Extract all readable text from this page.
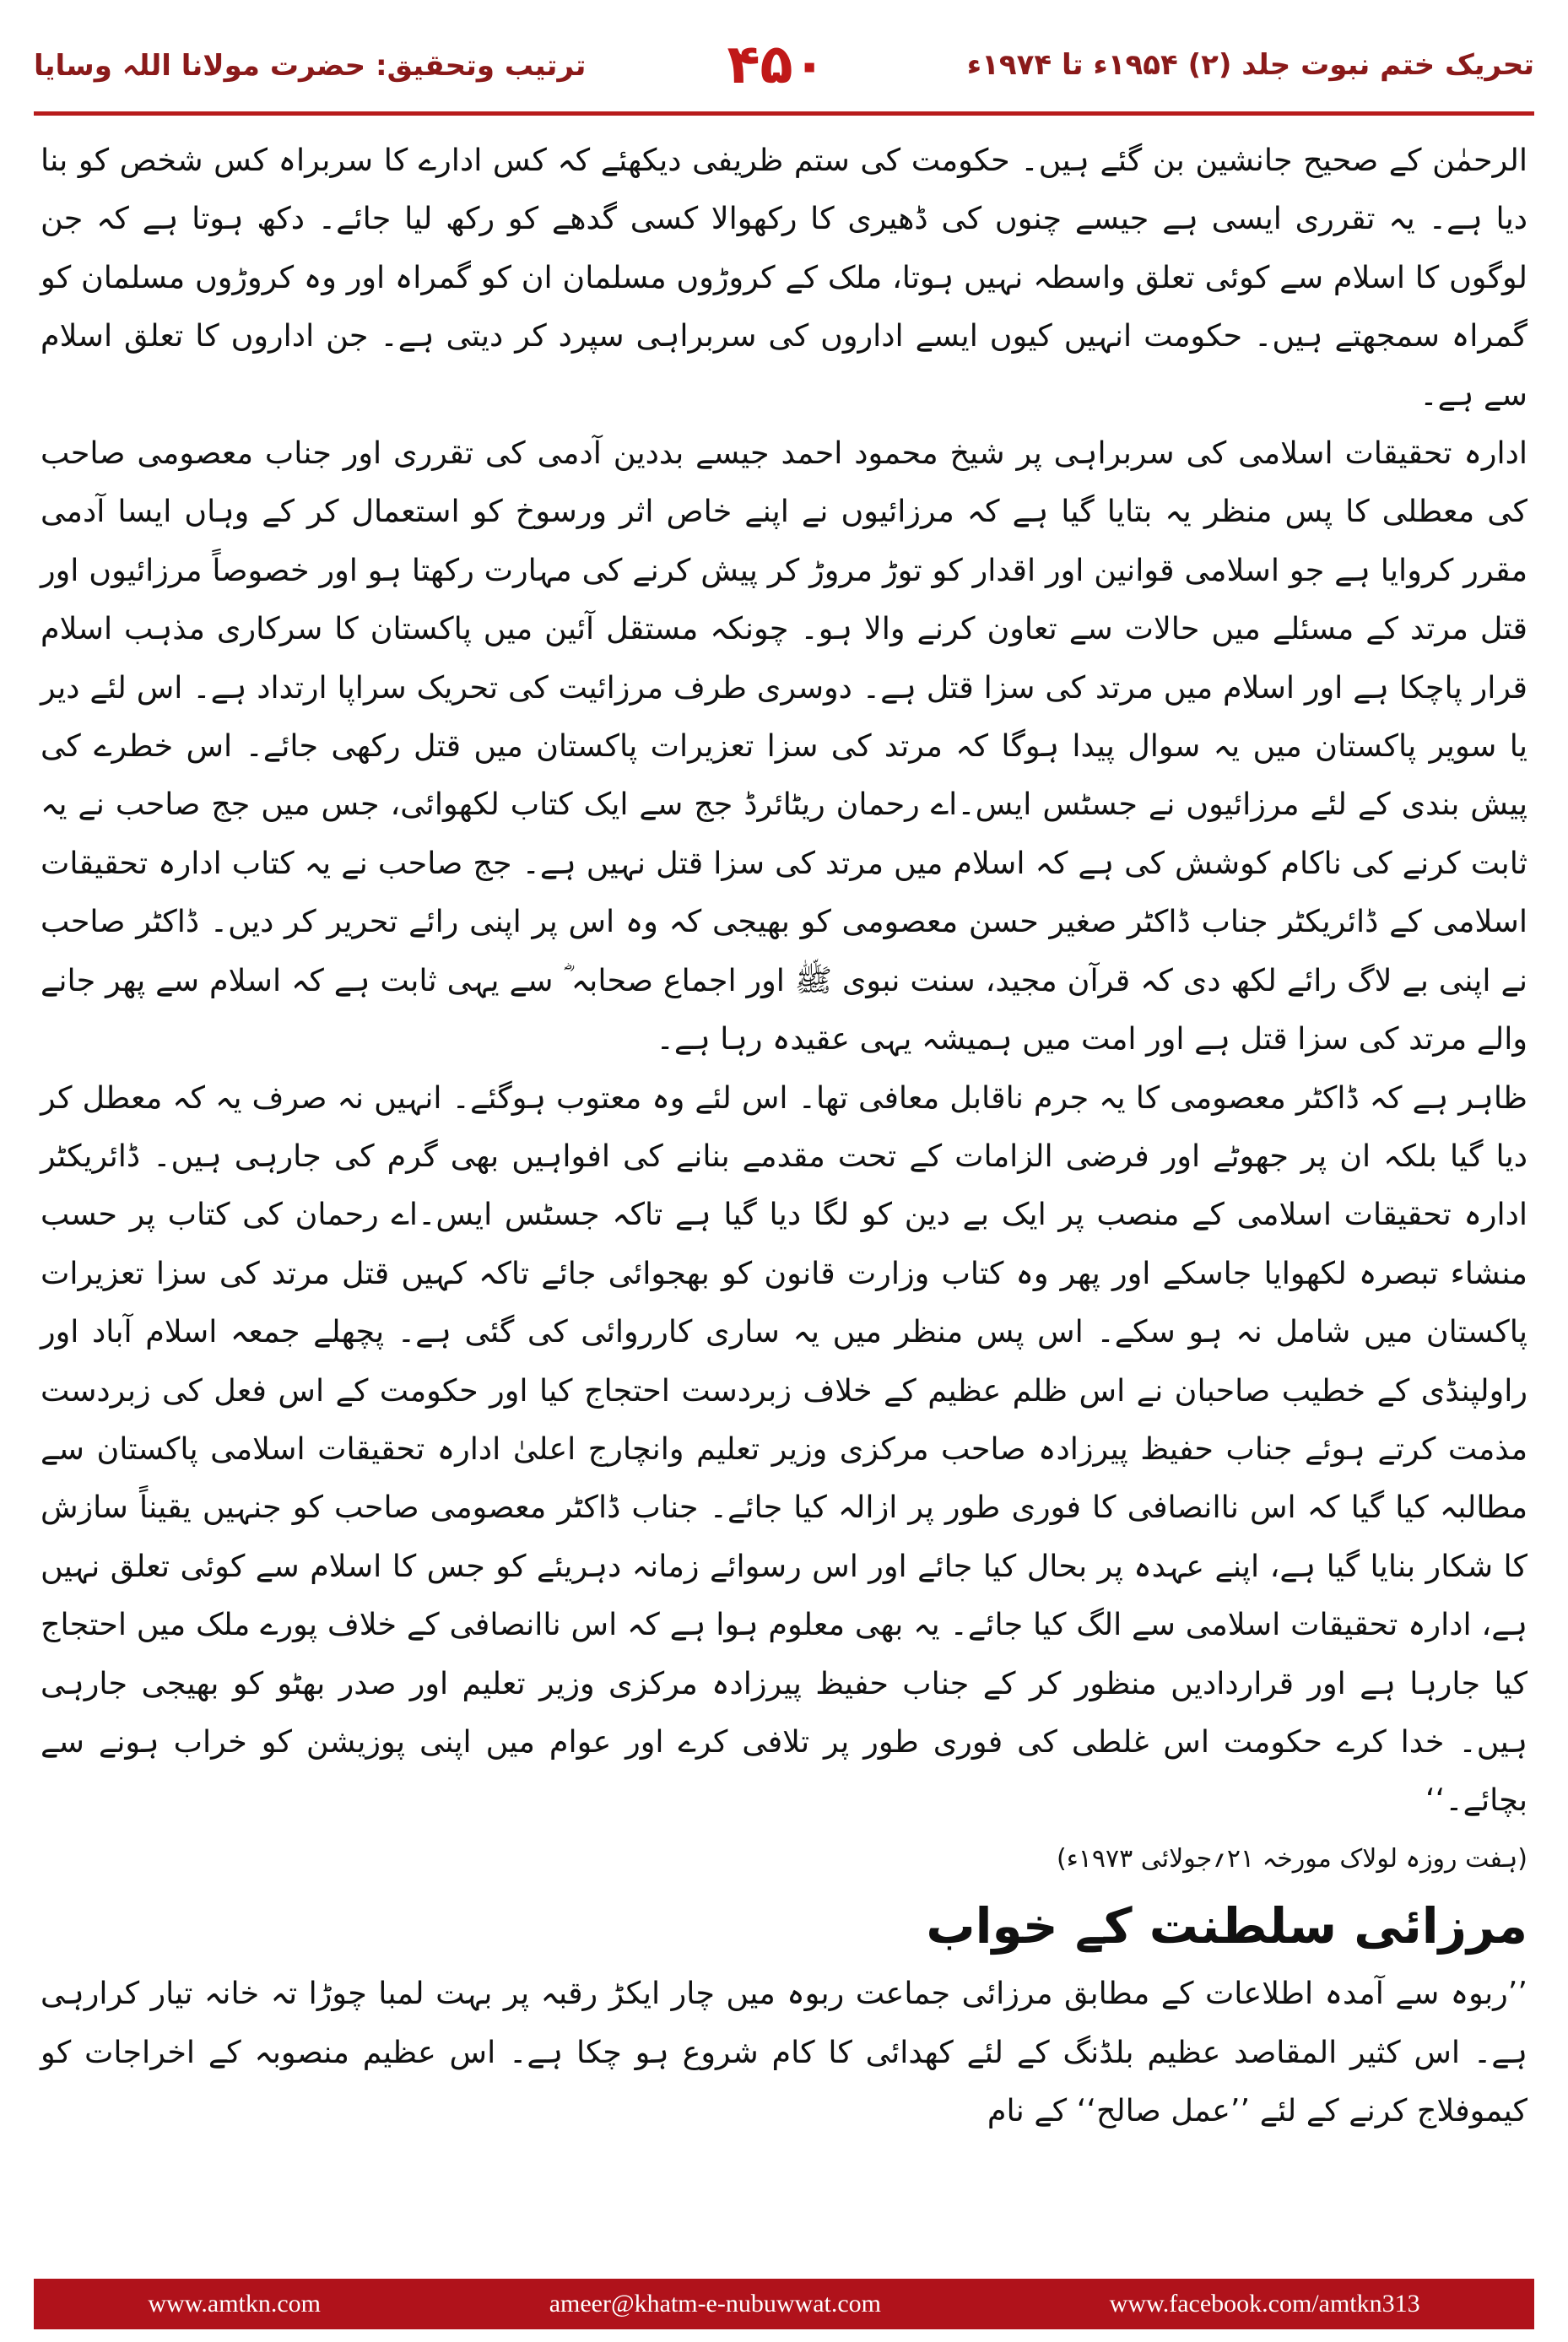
ترتیب وتحقیق: حضرت مولانا اللہ وسایا	۴۵۰	تحریک ختم نبوت جلد (۲) ۱۹۵۴ء تا ۱۹۷۴ء

الرحمٰن کے صحیح جانشین بن گئے ہیں۔ حکومت کی ستم ظریفی دیکھئے کہ کس ادارے کا سربراہ کس شخص کو بنا دیا ہے۔ یہ تقرری ایسی ہے جیسے چنوں کی ڈھیری کا رکھوالا کسی گدھے کو رکھ لیا جائے۔ دکھ ہوتا ہے کہ جن لوگوں کا اسلام سے کوئی تعلق واسطہ نہیں ہوتا، ملک کے کروڑوں مسلمان ان کو گمراہ اور وہ کروڑوں مسلمان کو گمراہ سمجھتے ہیں۔ حکومت انہیں کیوں ایسے اداروں کی سربراہی سپرد کر دیتی ہے۔ جن اداروں کا تعلق اسلام سے ہے۔

ادارہ تحقیقات اسلامی کی سربراہی پر شیخ محمود احمد جیسے بددین آدمی کی تقرری اور جناب معصومی صاحب کی معطلی کا پس منظر یہ بتایا گیا ہے کہ مرزائیوں نے اپنے خاص اثر ورسوخ کو استعمال کر کے وہاں ایسا آدمی مقرر کروایا ہے جو اسلامی قوانین اور اقدار کو توڑ مروڑ کر پیش کرنے کی مہارت رکھتا ہو اور خصوصاً مرزائیوں اور قتل مرتد کے مسئلے میں حالات سے تعاون کرنے والا ہو۔ چونکہ مستقل آئین میں پاکستان کا سرکاری مذہب اسلام قرار پاچکا ہے اور اسلام میں مرتد کی سزا قتل ہے۔ دوسری طرف مرزائیت کی تحریک سراپا ارتداد ہے۔ اس لئے دیر یا سویر پاکستان میں یہ سوال پیدا ہوگا کہ مرتد کی سزا تعزیرات پاکستان میں قتل رکھی جائے۔ اس خطرے کی پیش بندی کے لئے مرزائیوں نے جسٹس ایس۔اے رحمان ریٹائرڈ جج سے ایک کتاب لکھوائی، جس میں جج صاحب نے یہ ثابت کرنے کی ناکام کوشش کی ہے کہ اسلام میں مرتد کی سزا قتل نہیں ہے۔ جج صاحب نے یہ کتاب ادارہ تحقیقات اسلامی کے ڈائریکٹر جناب ڈاکٹر صغیر حسن معصومی کو بھیجی کہ وہ اس پر اپنی رائے تحریر کر دیں۔ ڈاکٹر صاحب نے اپنی بے لاگ رائے لکھ دی کہ قرآن مجید، سنت نبوی ﷺ اور اجماع صحابہ ؓ سے یہی ثابت ہے کہ اسلام سے پھر جانے والے مرتد کی سزا قتل ہے اور امت میں ہمیشہ یہی عقیدہ رہا ہے۔

ظاہر ہے کہ ڈاکٹر معصومی کا یہ جرم ناقابل معافی تھا۔ اس لئے وہ معتوب ہوگئے۔ انہیں نہ صرف یہ کہ معطل کر دیا گیا بلکہ ان پر جھوٹے اور فرضی الزامات کے تحت مقدمے بنانے کی افواہیں بھی گرم کی جارہی ہیں۔ ڈائریکٹر ادارہ تحقیقات اسلامی کے منصب پر ایک بے دین کو لگا دیا گیا ہے تاکہ جسٹس ایس۔اے رحمان کی کتاب پر حسب منشاء تبصرہ لکھوایا جاسکے اور پھر وہ کتاب وزارت قانون کو بھجوائی جائے تاکہ کہیں قتل مرتد کی سزا تعزیرات پاکستان میں شامل نہ ہو سکے۔ اس پس منظر میں یہ ساری کارروائی کی گئی ہے۔ پچھلے جمعہ اسلام آباد اور راولپنڈی کے خطیب صاحبان نے اس ظلم عظیم کے خلاف زبردست احتجاج کیا اور حکومت کے اس فعل کی زبردست مذمت کرتے ہوئے جناب حفیظ پیرزادہ صاحب مرکزی وزیر تعلیم وانچارج اعلیٰ ادارہ تحقیقات اسلامی پاکستان سے مطالبہ کیا گیا کہ اس ناانصافی کا فوری طور پر ازالہ کیا جائے۔ جناب ڈاکٹر معصومی صاحب کو جنہیں یقیناً سازش کا شکار بنایا گیا ہے، اپنے عہدہ پر بحال کیا جائے اور اس رسوائے زمانہ دہریئے کو جس کا اسلام سے کوئی تعلق نہیں ہے، ادارہ تحقیقات اسلامی سے الگ کیا جائے۔ یہ بھی معلوم ہوا ہے کہ اس ناانصافی کے خلاف پورے ملک میں احتجاج کیا جارہا ہے اور قراردادیں منظور کر کے جناب حفیظ پیرزادہ مرکزی وزیر تعلیم اور صدر بھٹو کو بھیجی جارہی ہیں۔ خدا کرے حکومت اس غلطی کی فوری طور پر تلافی کرے اور عوام میں اپنی پوزیشن کو خراب ہونے سے بچائے۔‘‘

(ہفت روزہ لولاک مورخہ ۲۱؍جولائی ۱۹۷۳ء)

مرزائی سلطنت کے خواب

’’ربوہ سے آمدہ اطلاعات کے مطابق مرزائی جماعت ربوہ میں چار ایکڑ رقبہ پر بہت لمبا چوڑا تہ خانہ تیار کرارہی ہے۔ اس کثیر المقاصد عظیم بلڈنگ کے لئے کھدائی کا کام شروع ہو چکا ہے۔ اس عظیم منصوبہ کے اخراجات کو کیموفلاج کرنے کے لئے ’’عمل صالح‘‘ کے نام

www.amtkn.com	ameer@khatm-e-nubuwwat.com	www.facebook.com/amtkn313
